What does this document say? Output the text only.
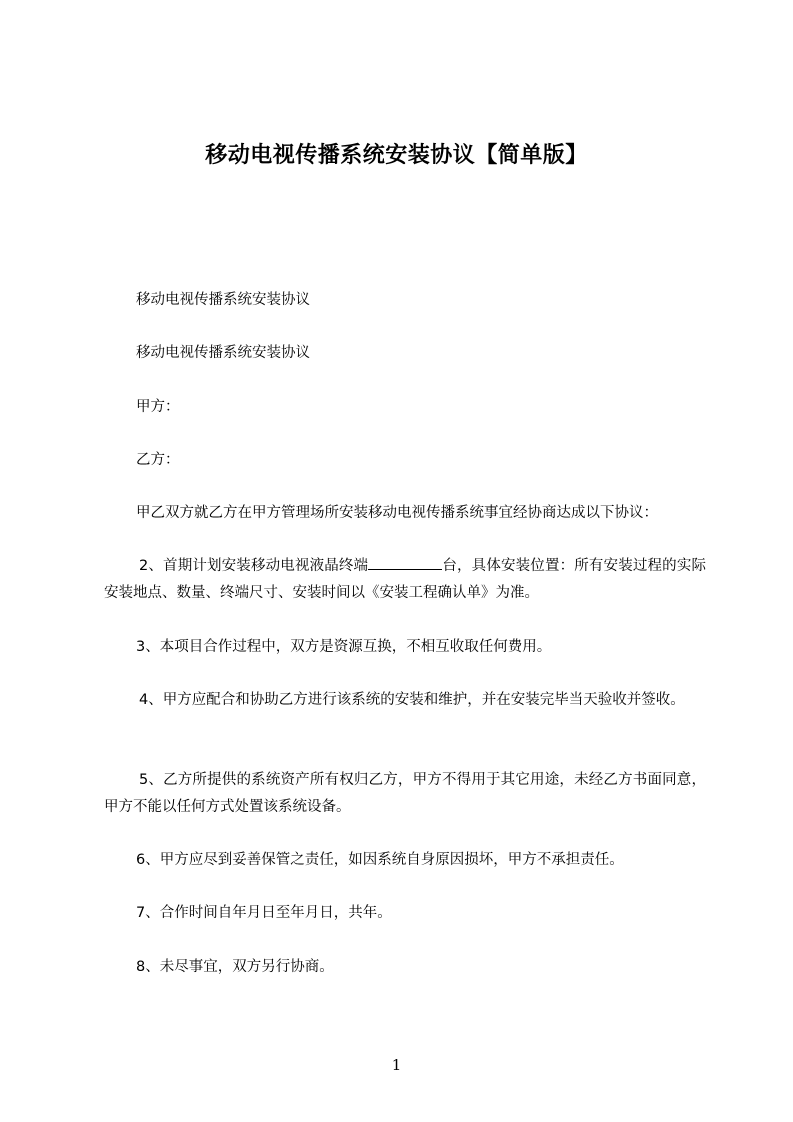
移动电视传播系统安装协议【简单版】

移动电视传播系统安装协议

移动电视传播系统安装协议

甲方：

乙方：

甲乙双方就乙方在甲方管理场所安装移动电视传播系统事宜经协商达成以下协议：

2、首期计划安装移动电视液晶终端	台，具体安装位置：所有安装过程的实际安装地点、数量、终端尺寸、安装时间以《安装工程确认单》为准。

3、本项目合作过程中，双方是资源互换，不相互收取任何费用。

4、甲方应配合和协助乙方进行该系统的安装和维护，并在安装完毕当天验收并签收。

5、乙方所提供的系统资产所有权归乙方，甲方不得用于其它用途，未经乙方书面同意，甲方不能以任何方式处置该系统设备。

6、甲方应尽到妥善保管之责任，如因系统自身原因损坏，甲方不承担责任。

7、合作时间自年月日至年月日，共年。

8、未尽事宜，双方另行协商。

1
